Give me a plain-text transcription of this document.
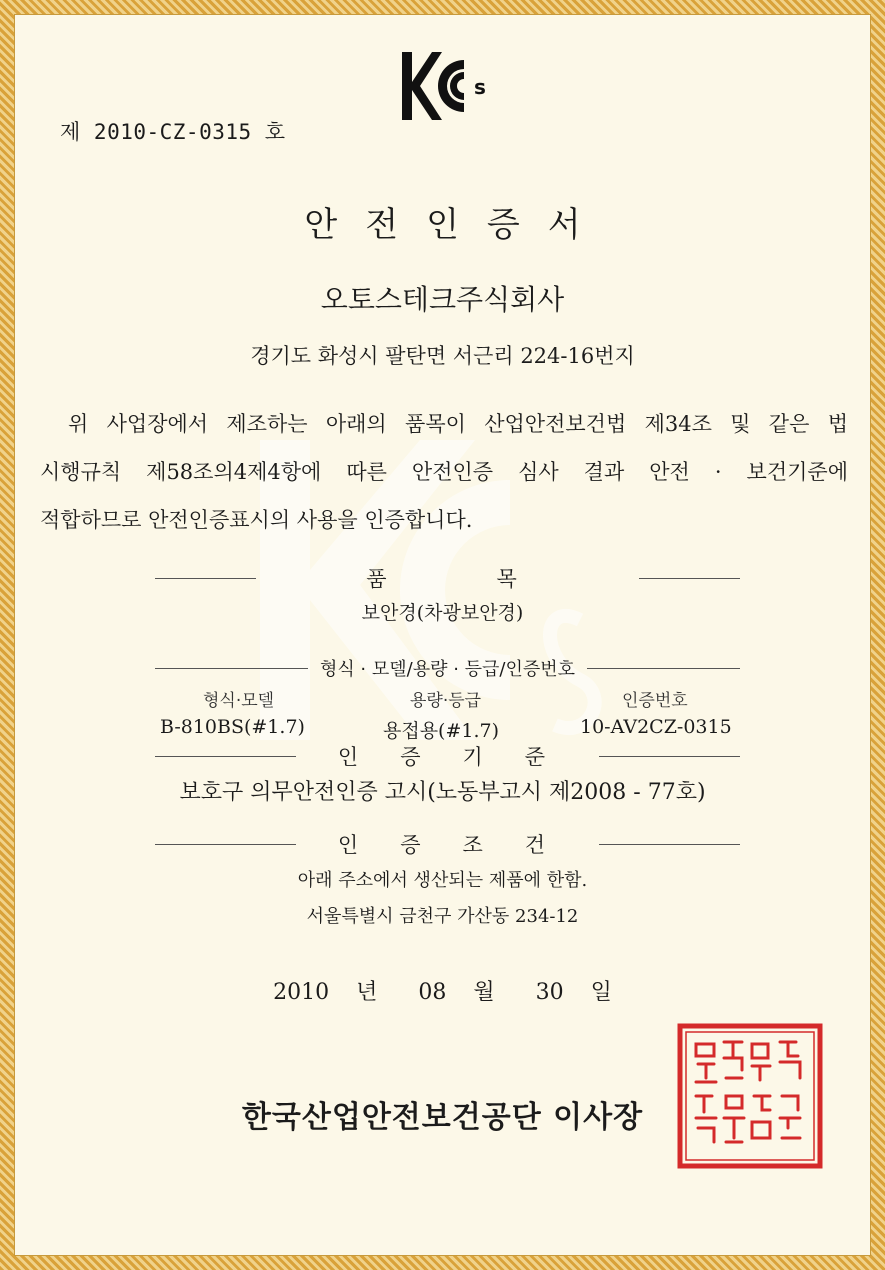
s
제 2010-CZ-0315 호
안전인증서
오토스테크주식회사
경기도 화성시 팔탄면 서근리 224-16번지
위 사업장에서 제조하는 아래의 품목이 산업안전보건법 제34조 및 같은 법
시행규칙 제58조의4제4항에 따른 안전인증 심사 결과 안전 · 보건기준에
적합하므로 안전인증표시의 사용을 인증합니다.
품목
보안경(차광보안경)
형식 · 모델/용량 · 등급/인증번호
형식·모델	용량·등급	인증번호
B-810BS(#1.7)	용접용(#1.7)	10-AV2CZ-0315
인증기준
보호구 의무안전인증 고시(노동부고시 제2008 - 77호)
인증조건
아래 주소에서 생산되는 제품에 한함.
서울특별시 금천구 가산동 234-12
2010 년 08 월 30 일
한국산업안전보건공단 이사장
